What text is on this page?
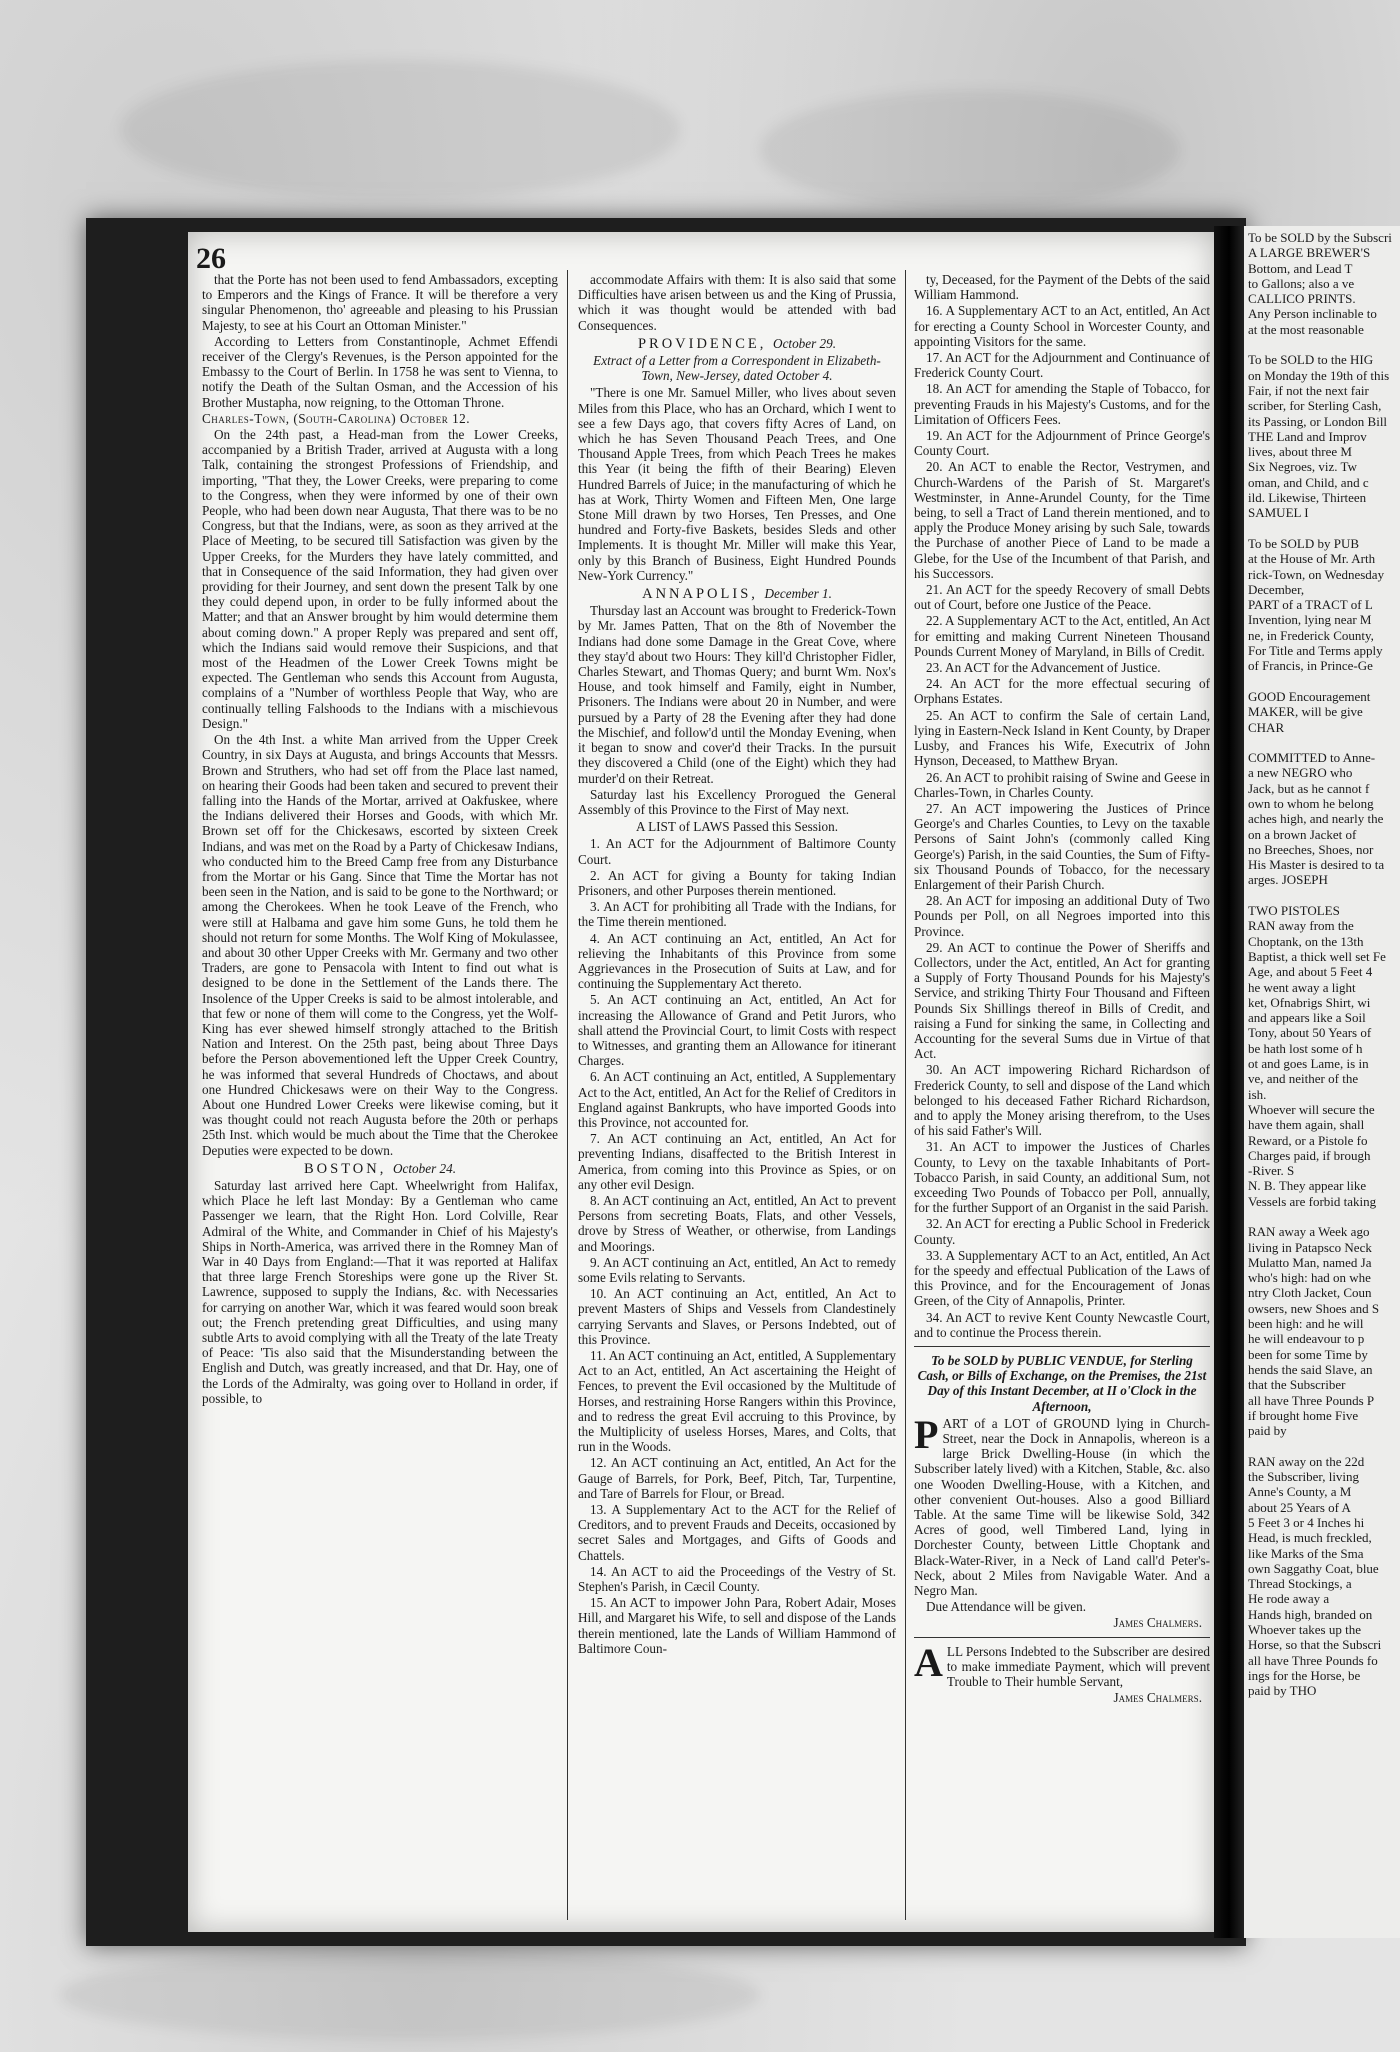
To be SOLD by the Subscri
A LARGE BREWER'S
Bottom, and Lead T
to Gallons; also a ve
CALLICO PRINTS.
Any Person inclinable to
at the most reasonable
To be SOLD to the HIG
on Monday the 19th of this
Fair, if not the next fair
scriber, for Sterling Cash,
its Passing, or London Bill
THE Land and Improv
lives, about three M
Six Negroes, viz. Tw
oman, and Child, and c
ild. Likewise, Thirteen
SAMUEL I
To be SOLD by PUB
at the House of Mr. Arth
rick-Town, on Wednesday
December,
PART of a TRACT of L
Invention, lying near M
ne, in Frederick County,
For Title and Terms apply
of Francis, in Prince-Ge
GOOD Encouragement
MAKER, will be give
CHAR
COMMITTED to Anne-
a new NEGRO who
Jack, but as he cannot f
own to whom he belong
aches high, and nearly the
on a brown Jacket of
no Breeches, Shoes, nor
His Master is desired to ta
arges. JOSEPH
TWO PISTOLES
RAN away from the
Choptank, on the 13th
Baptist, a thick well set Fe
Age, and about 5 Feet 4
he went away a light
ket, Ofnabrigs Shirt, wi
and appears like a Soil
Tony, about 50 Years of
be hath lost some of h
ot and goes Lame, is in
ve, and neither of the
ish.
Whoever will secure the
have them again, shall
Reward, or a Pistole fo
Charges paid, if brough
-River. S
N. B. They appear like
Vessels are forbid taking
RAN away a Week ago
living in Patapsco Neck
Mulatto Man, named Ja
who's high: had on whe
ntry Cloth Jacket, Coun
owsers, new Shoes and S
been high: and he will
he will endeavour to p
been for some Time by
hends the said Slave, an
that the Subscriber
all have Three Pounds P
if brought home Five
paid by
RAN away on the 22d
the Subscriber, living
Anne's County, a M
about 25 Years of A
5 Feet 3 or 4 Inches hi
Head, is much freckled,
like Marks of the Sma
own Saggathy Coat, blue
Thread Stockings, a
He rode away a
Hands high, branded on
Whoever takes up the
Horse, so that the Subscri
all have Three Pounds fo
ings for the Horse, be
paid by THO
26

that the Porte has not been used to fend Ambassadors, excepting to Emperors and the Kings of France. It will be therefore a very singular Phenomenon, tho' agreeable and pleasing to his Prussian Majesty, to see at his Court an Ottoman Minister."

According to Letters from Constantinople, Achmet Effendi receiver of the Clergy's Revenues, is the Person appointed for the Embassy to the Court of Berlin. In 1758 he was sent to Vienna, to notify the Death of the Sultan Osman, and the Accession of his Brother Mustapha, now reigning, to the Ottoman Throne.

Charles-Town, (South-Carolina) October 12.

On the 24th past, a Head-man from the Lower Creeks, accompanied by a British Trader, arrived at Augusta with a long Talk, containing the strongest Professions of Friendship, and importing, "That they, the Lower Creeks, were preparing to come to the Congress, when they were informed by one of their own People, who had been down near Augusta, That there was to be no Congress, but that the Indians, were, as soon as they arrived at the Place of Meeting, to be secured till Satisfaction was given by the Upper Creeks, for the Murders they have lately committed, and that in Consequence of the said Information, they had given over providing for their Journey, and sent down the present Talk by one they could depend upon, in order to be fully informed about the Matter; and that an Answer brought by him would determine them about coming down." A proper Reply was prepared and sent off, which the Indians said would remove their Suspicions, and that most of the Headmen of the Lower Creek Towns might be expected. The Gentleman who sends this Account from Augusta, complains of a "Number of worthless People that Way, who are continually telling Falshoods to the Indians with a mischievous Design."

On the 4th Inst. a white Man arrived from the Upper Creek Country, in six Days at Augusta, and brings Accounts that Messrs. Brown and Struthers, who had set off from the Place last named, on hearing their Goods had been taken and secured to prevent their falling into the Hands of the Mortar, arrived at Oakfuskee, where the Indians delivered their Horses and Goods, with which Mr. Brown set off for the Chickesaws, escorted by sixteen Creek Indians, and was met on the Road by a Party of Chickesaw Indians, who conducted him to the Breed Camp free from any Disturbance from the Mortar or his Gang. Since that Time the Mortar has not been seen in the Nation, and is said to be gone to the Northward; or among the Cherokees. When he took Leave of the French, who were still at Halbama and gave him some Guns, he told them he should not return for some Months. The Wolf King of Mokulassee, and about 30 other Upper Creeks with Mr. Germany and two other Traders, are gone to Pensacola with Intent to find out what is designed to be done in the Settlement of the Lands there. The Insolence of the Upper Creeks is said to be almost intolerable, and that few or none of them will come to the Congress, yet the Wolf-King has ever shewed himself strongly attached to the British Nation and Interest. On the 25th past, being about Three Days before the Person abovementioned left the Upper Creek Country, he was informed that several Hundreds of Choctaws, and about one Hundred Chickesaws were on their Way to the Congress. About one Hundred Lower Creeks were likewise coming, but it was thought could not reach Augusta before the 20th or perhaps 25th Inst. which would be much about the Time that the Cherokee Deputies were expected to be down.

BOSTON, October 24.

Saturday last arrived here Capt. Wheelwright from Halifax, which Place he left last Monday: By a Gentleman who came Passenger we learn, that the Right Hon. Lord Colville, Rear Admiral of the White, and Commander in Chief of his Majesty's Ships in North-America, was arrived there in the Romney Man of War in 40 Days from England:—That it was reported at Halifax that three large French Storeships were gone up the River St. Lawrence, supposed to supply the Indians, &c. with Necessaries for carrying on another War, which it was feared would soon break out; the French pretending great Difficulties, and using many subtle Arts to avoid complying with all the Treaty of the late Treaty of Peace: 'Tis also said that the Misunderstanding between the English and Dutch, was greatly increased, and that Dr. Hay, one of the Lords of the Admiralty, was going over to Holland in order, if possible, to

accommodate Affairs with them: It is also said that some Difficulties have arisen between us and the King of Prussia, which it was thought would be attended with bad Consequences.

PROVIDENCE, October 29.

Extract of a Letter from a Correspondent in Elizabeth-Town, New-Jersey, dated October 4.

"There is one Mr. Samuel Miller, who lives about seven Miles from this Place, who has an Orchard, which I went to see a few Days ago, that covers fifty Acres of Land, on which he has Seven Thousand Peach Trees, and One Thousand Apple Trees, from which Peach Trees he makes this Year (it being the fifth of their Bearing) Eleven Hundred Barrels of Juice; in the manufacturing of which he has at Work, Thirty Women and Fifteen Men, One large Stone Mill drawn by two Horses, Ten Presses, and One hundred and Forty-five Baskets, besides Sleds and other Implements. It is thought Mr. Miller will make this Year, only by this Branch of Business, Eight Hundred Pounds New-York Currency."

ANNAPOLIS, December 1.

Thursday last an Account was brought to Frederick-Town by Mr. James Patten, That on the 8th of November the Indians had done some Damage in the Great Cove, where they stay'd about two Hours: They kill'd Christopher Fidler, Charles Stewart, and Thomas Query; and burnt Wm. Nox's House, and took himself and Family, eight in Number, Prisoners. The Indians were about 20 in Number, and were pursued by a Party of 28 the Evening after they had done the Mischief, and follow'd until the Monday Evening, when it began to snow and cover'd their Tracks. In the pursuit they discovered a Child (one of the Eight) which they had murder'd on their Retreat.

Saturday last his Excellency Prorogued the General Assembly of this Province to the First of May next.

A LIST of LAWS Passed this Session.

1. An ACT for the Adjournment of Baltimore County Court.

2. An ACT for giving a Bounty for taking Indian Prisoners, and other Purposes therein mentioned.

3. An ACT for prohibiting all Trade with the Indians, for the Time therein mentioned.

4. An ACT continuing an Act, entitled, An Act for relieving the Inhabitants of this Province from some Aggrievances in the Prosecution of Suits at Law, and for continuing the Supplementary Act thereto.

5. An ACT continuing an Act, entitled, An Act for increasing the Allowance of Grand and Petit Jurors, who shall attend the Provincial Court, to limit Costs with respect to Witnesses, and granting them an Allowance for itinerant Charges.

6. An ACT continuing an Act, entitled, A Supplementary Act to the Act, entitled, An Act for the Relief of Creditors in England against Bankrupts, who have imported Goods into this Province, not accounted for.

7. An ACT continuing an Act, entitled, An Act for preventing Indians, disaffected to the British Interest in America, from coming into this Province as Spies, or on any other evil Design.

8. An ACT continuing an Act, entitled, An Act to prevent Persons from secreting Boats, Flats, and other Vessels, drove by Stress of Weather, or otherwise, from Landings and Moorings.

9. An ACT continuing an Act, entitled, An Act to remedy some Evils relating to Servants.

10. An ACT continuing an Act, entitled, An Act to prevent Masters of Ships and Vessels from Clandestinely carrying Servants and Slaves, or Persons Indebted, out of this Province.

11. An ACT continuing an Act, entitled, A Supplementary Act to an Act, entitled, An Act ascertaining the Height of Fences, to prevent the Evil occasioned by the Multitude of Horses, and restraining Horse Rangers within this Province, and to redress the great Evil accruing to this Province, by the Multiplicity of useless Horses, Mares, and Colts, that run in the Woods.

12. An ACT continuing an Act, entitled, An Act for the Gauge of Barrels, for Pork, Beef, Pitch, Tar, Turpentine, and Tare of Barrels for Flour, or Bread.

13. A Supplementary Act to the ACT for the Relief of Creditors, and to prevent Frauds and Deceits, occasioned by secret Sales and Mortgages, and Gifts of Goods and Chattels.

14. An ACT to aid the Proceedings of the Vestry of St. Stephen's Parish, in Cæcil County.

15. An ACT to impower John Para, Robert Adair, Moses Hill, and Margaret his Wife, to sell and dispose of the Lands therein mentioned, late the Lands of William Hammond of Baltimore Coun-

ty, Deceased, for the Payment of the Debts of the said William Hammond.

16. A Supplementary ACT to an Act, entitled, An Act for erecting a County School in Worcester County, and appointing Visitors for the same.

17. An ACT for the Adjournment and Continuance of Frederick County Court.

18. An ACT for amending the Staple of Tobacco, for preventing Frauds in his Majesty's Customs, and for the Limitation of Officers Fees.

19. An ACT for the Adjournment of Prince George's County Court.

20. An ACT to enable the Rector, Vestrymen, and Church-Wardens of the Parish of St. Margaret's Westminster, in Anne-Arundel County, for the Time being, to sell a Tract of Land therein mentioned, and to apply the Produce Money arising by such Sale, towards the Purchase of another Piece of Land to be made a Glebe, for the Use of the Incumbent of that Parish, and his Successors.

21. An ACT for the speedy Recovery of small Debts out of Court, before one Justice of the Peace.

22. A Supplementary ACT to the Act, entitled, An Act for emitting and making Current Nineteen Thousand Pounds Current Money of Maryland, in Bills of Credit.

23. An ACT for the Advancement of Justice.

24. An ACT for the more effectual securing of Orphans Estates.

25. An ACT to confirm the Sale of certain Land, lying in Eastern-Neck Island in Kent County, by Draper Lusby, and Frances his Wife, Executrix of John Hynson, Deceased, to Matthew Bryan.

26. An ACT to prohibit raising of Swine and Geese in Charles-Town, in Charles County.

27. An ACT impowering the Justices of Prince George's and Charles Counties, to Levy on the taxable Persons of Saint John's (commonly called King George's) Parish, in the said Counties, the Sum of Fifty-six Thousand Pounds of Tobacco, for the necessary Enlargement of their Parish Church.

28. An ACT for imposing an additional Duty of Two Pounds per Poll, on all Negroes imported into this Province.

29. An ACT to continue the Power of Sheriffs and Collectors, under the Act, entitled, An Act for granting a Supply of Forty Thousand Pounds for his Majesty's Service, and striking Thirty Four Thousand and Fifteen Pounds Six Shillings thereof in Bills of Credit, and raising a Fund for sinking the same, in Collecting and Accounting for the several Sums due in Virtue of that Act.

30. An ACT impowering Richard Richardson of Frederick County, to sell and dispose of the Land which belonged to his deceased Father Richard Richardson, and to apply the Money arising therefrom, to the Uses of his said Father's Will.

31. An ACT to impower the Justices of Charles County, to Levy on the taxable Inhabitants of Port-Tobacco Parish, in said County, an additional Sum, not exceeding Two Pounds of Tobacco per Poll, annually, for the further Support of an Organist in the said Parish.

32. An ACT for erecting a Public School in Frederick County.

33. A Supplementary ACT to an Act, entitled, An Act for the speedy and effectual Publication of the Laws of this Province, and for the Encouragement of Jonas Green, of the City of Annapolis, Printer.

34. An ACT to revive Kent County Newcastle Court, and to continue the Process therein.

To be SOLD by PUBLIC VENDUE, for Sterling Cash, or Bills of Exchange, on the Premises, the 21st Day of this Instant December, at II o'Clock in the Afternoon,

PART of a LOT of GROUND lying in Church-Street, near the Dock in Annapolis, whereon is a large Brick Dwelling-House (in which the Subscriber lately lived) with a Kitchen, Stable, &c. also one Wooden Dwelling-House, with a Kitchen, and other convenient Out-houses. Also a good Billiard Table. At the same Time will be likewise Sold, 342 Acres of good, well Timbered Land, lying in Dorchester County, between Little Choptank and Black-Water-River, in a Neck of Land call'd Peter's-Neck, about 2 Miles from Navigable Water. And a Negro Man.

Due Attendance will be given.

James Chalmers.

ALL Persons Indebted to the Subscriber are desired to make immediate Payment, which will prevent Trouble to Their humble Servant,

James Chalmers.
